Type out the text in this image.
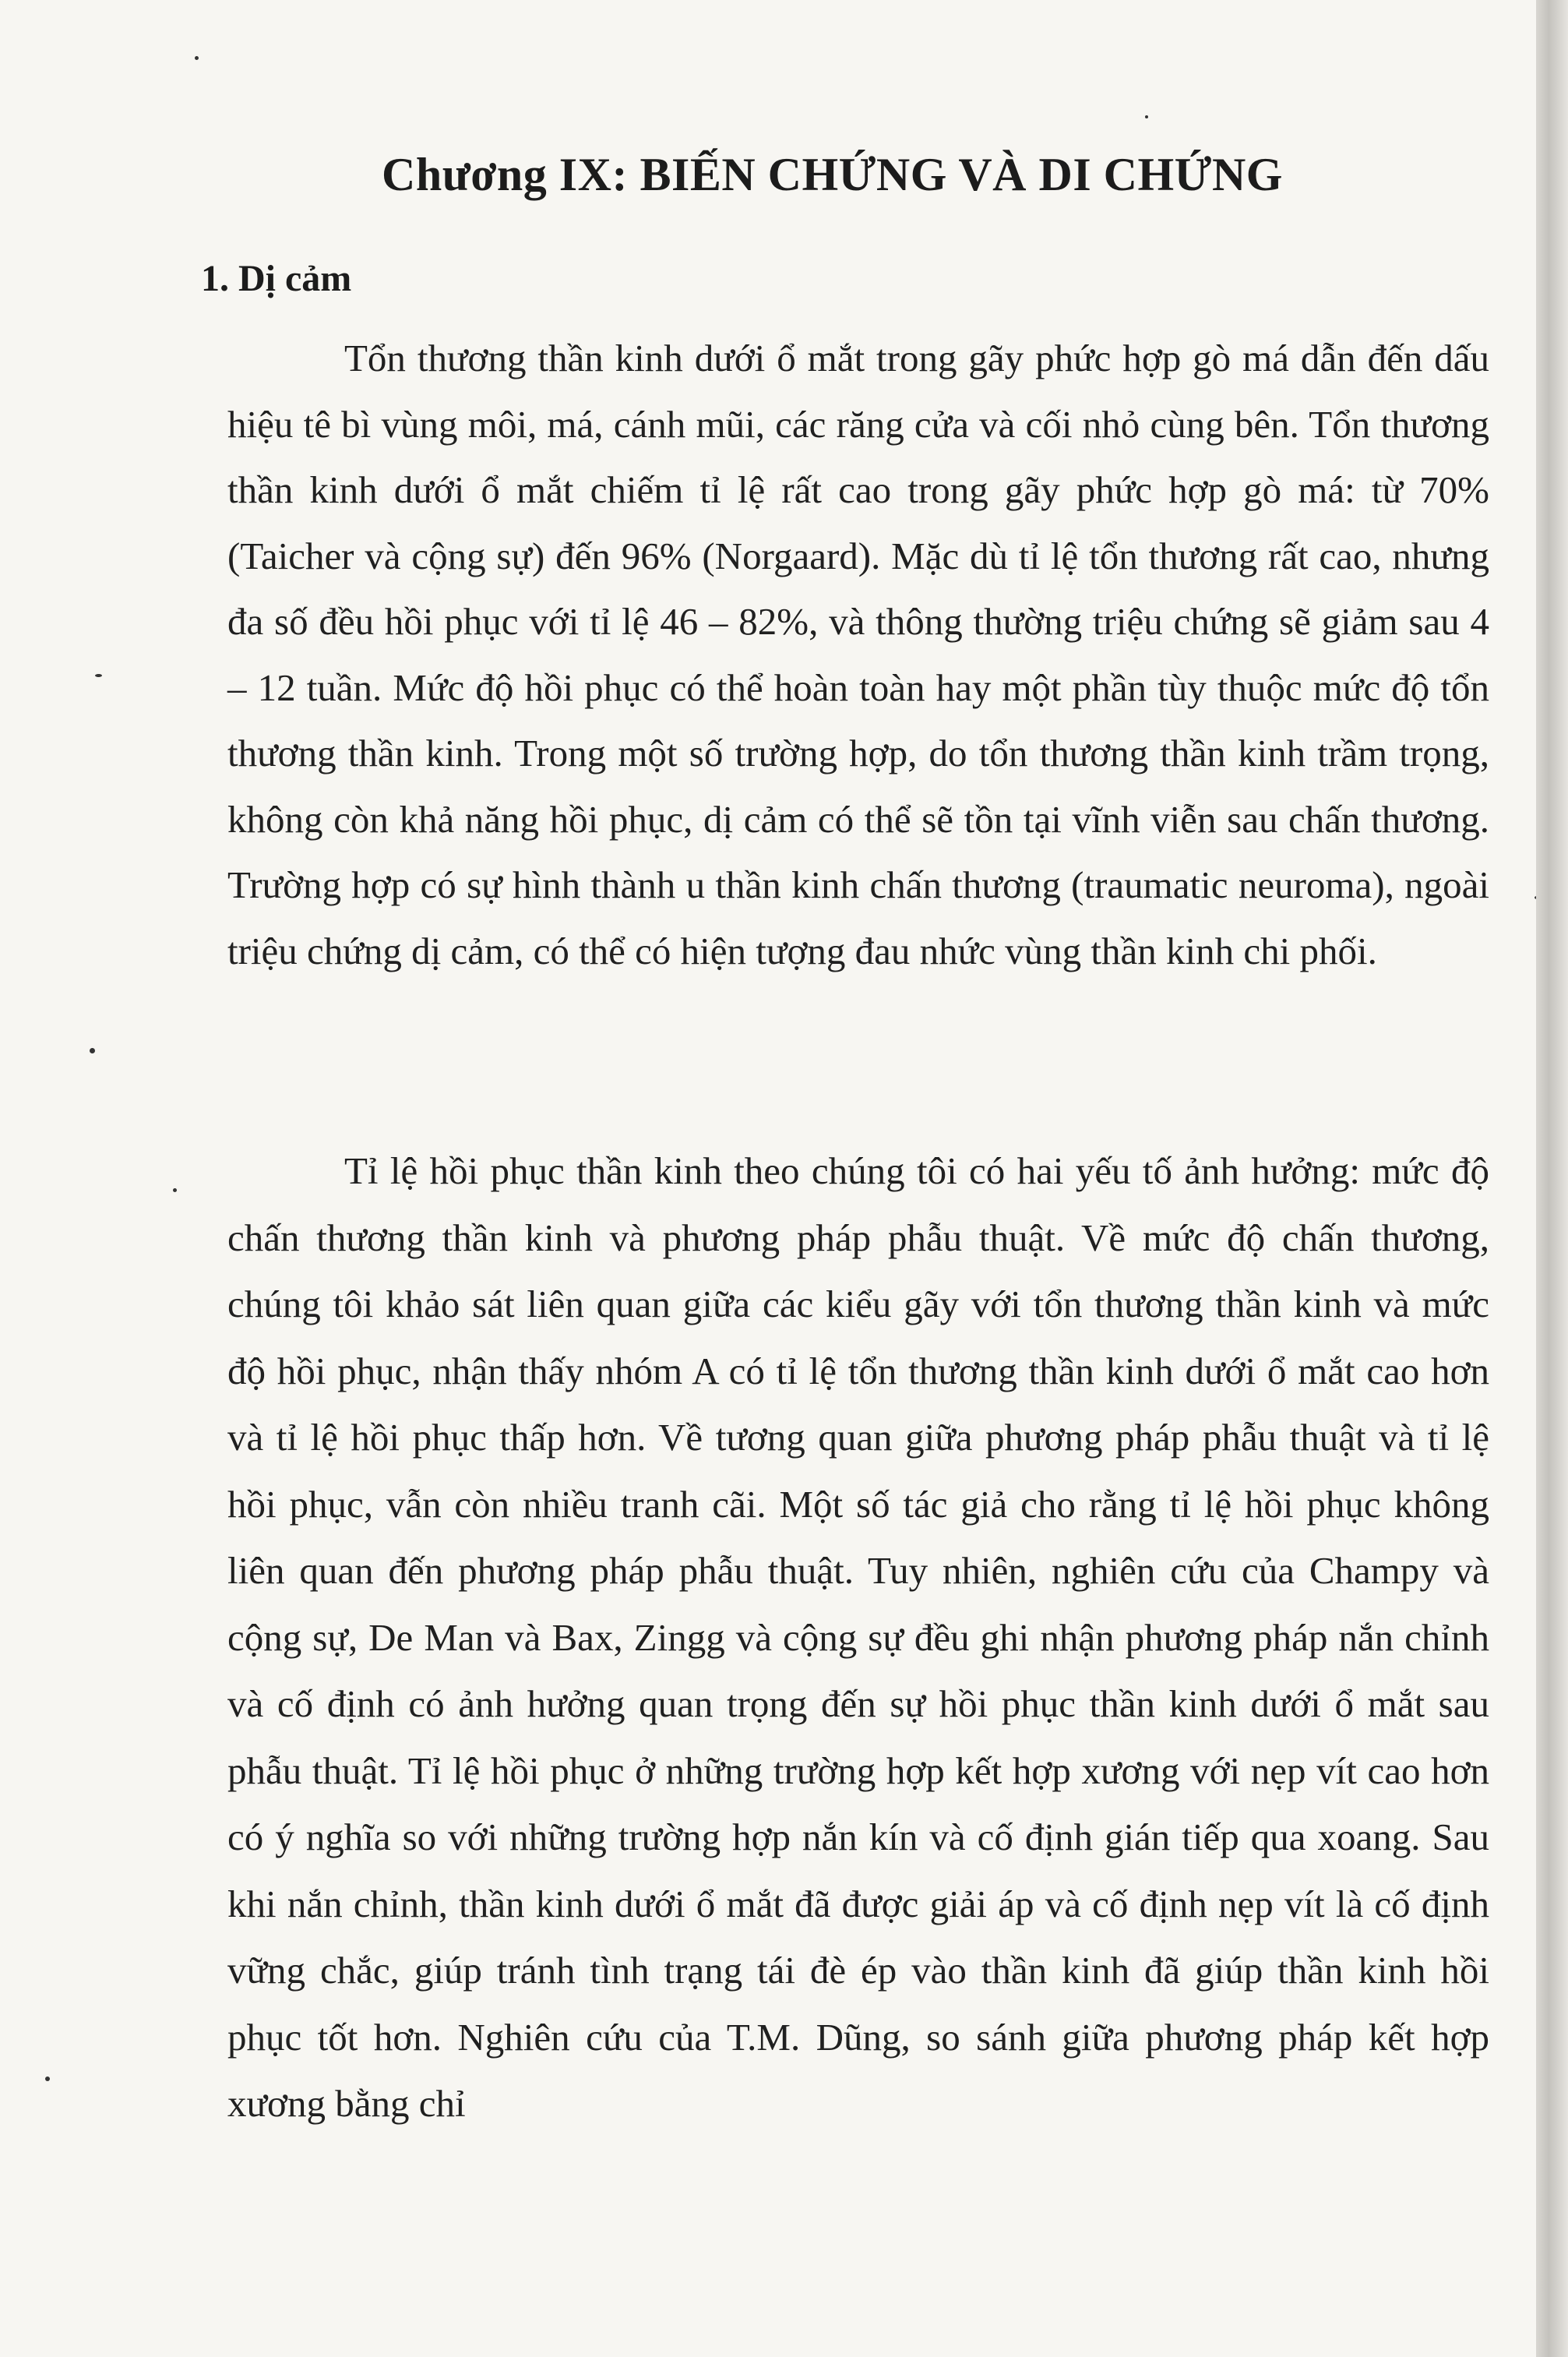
Chương IX: BIẾN CHỨNG VÀ DI CHỨNG
1. Dị cảm

Tổn thương thần kinh dưới ổ mắt trong gãy phức hợp gò má dẫn đến dấu hiệu tê bì vùng môi, má, cánh mũi, các răng cửa và cối nhỏ cùng bên. Tổn thương thần kinh dưới ổ mắt chiếm tỉ lệ rất cao trong gãy phức hợp gò má: từ 70% (Taicher và cộng sự) đến 96% (Norgaard). Mặc dù tỉ lệ tổn thương rất cao, nhưng đa số đều hồi phục với tỉ lệ 46 – 82%, và thông thường triệu chứng sẽ giảm sau 4 – 12 tuần. Mức độ hồi phục có thể hoàn toàn hay một phần tùy thuộc mức độ tổn thương thần kinh. Trong một số trường hợp, do tổn thương thần kinh trầm trọng, không còn khả năng hồi phục, dị cảm có thể sẽ tồn tại vĩnh viễn sau chấn thương. Trường hợp có sự hình thành u thần kinh chấn thương (traumatic neuroma), ngoài triệu chứng dị cảm, có thể có hiện tượng đau nhức vùng thần kinh chi phối.

Tỉ lệ hồi phục thần kinh theo chúng tôi có hai yếu tố ảnh hưởng: mức độ chấn thương thần kinh và phương pháp phẫu thuật. Về mức độ chấn thương, chúng tôi khảo sát liên quan giữa các kiểu gãy với tổn thương thần kinh và mức độ hồi phục, nhận thấy nhóm A có tỉ lệ tổn thương thần kinh dưới ổ mắt cao hơn và tỉ lệ hồi phục thấp hơn. Về tương quan giữa phương pháp phẫu thuật và tỉ lệ hồi phục, vẫn còn nhiều tranh cãi. Một số tác giả cho rằng tỉ lệ hồi phục không liên quan đến phương pháp phẫu thuật. Tuy nhiên, nghiên cứu của Champy và cộng sự, De Man và Bax, Zingg và cộng sự đều ghi nhận phương pháp nắn chỉnh và cố định có ảnh hưởng quan trọng đến sự hồi phục thần kinh dưới ổ mắt sau phẫu thuật. Tỉ lệ hồi phục ở những trường hợp kết hợp xương với nẹp vít cao hơn có ý nghĩa so với những trường hợp nắn kín và cố định gián tiếp qua xoang. Sau khi nắn chỉnh, thần kinh dưới ổ mắt đã được giải áp và cố định nẹp vít là cố định vững chắc, giúp tránh tình trạng tái đè ép vào thần kinh đã giúp thần kinh hồi phục tốt hơn. Nghiên cứu của T.M. Dũng, so sánh giữa phương pháp kết hợp xương bằng chỉ
